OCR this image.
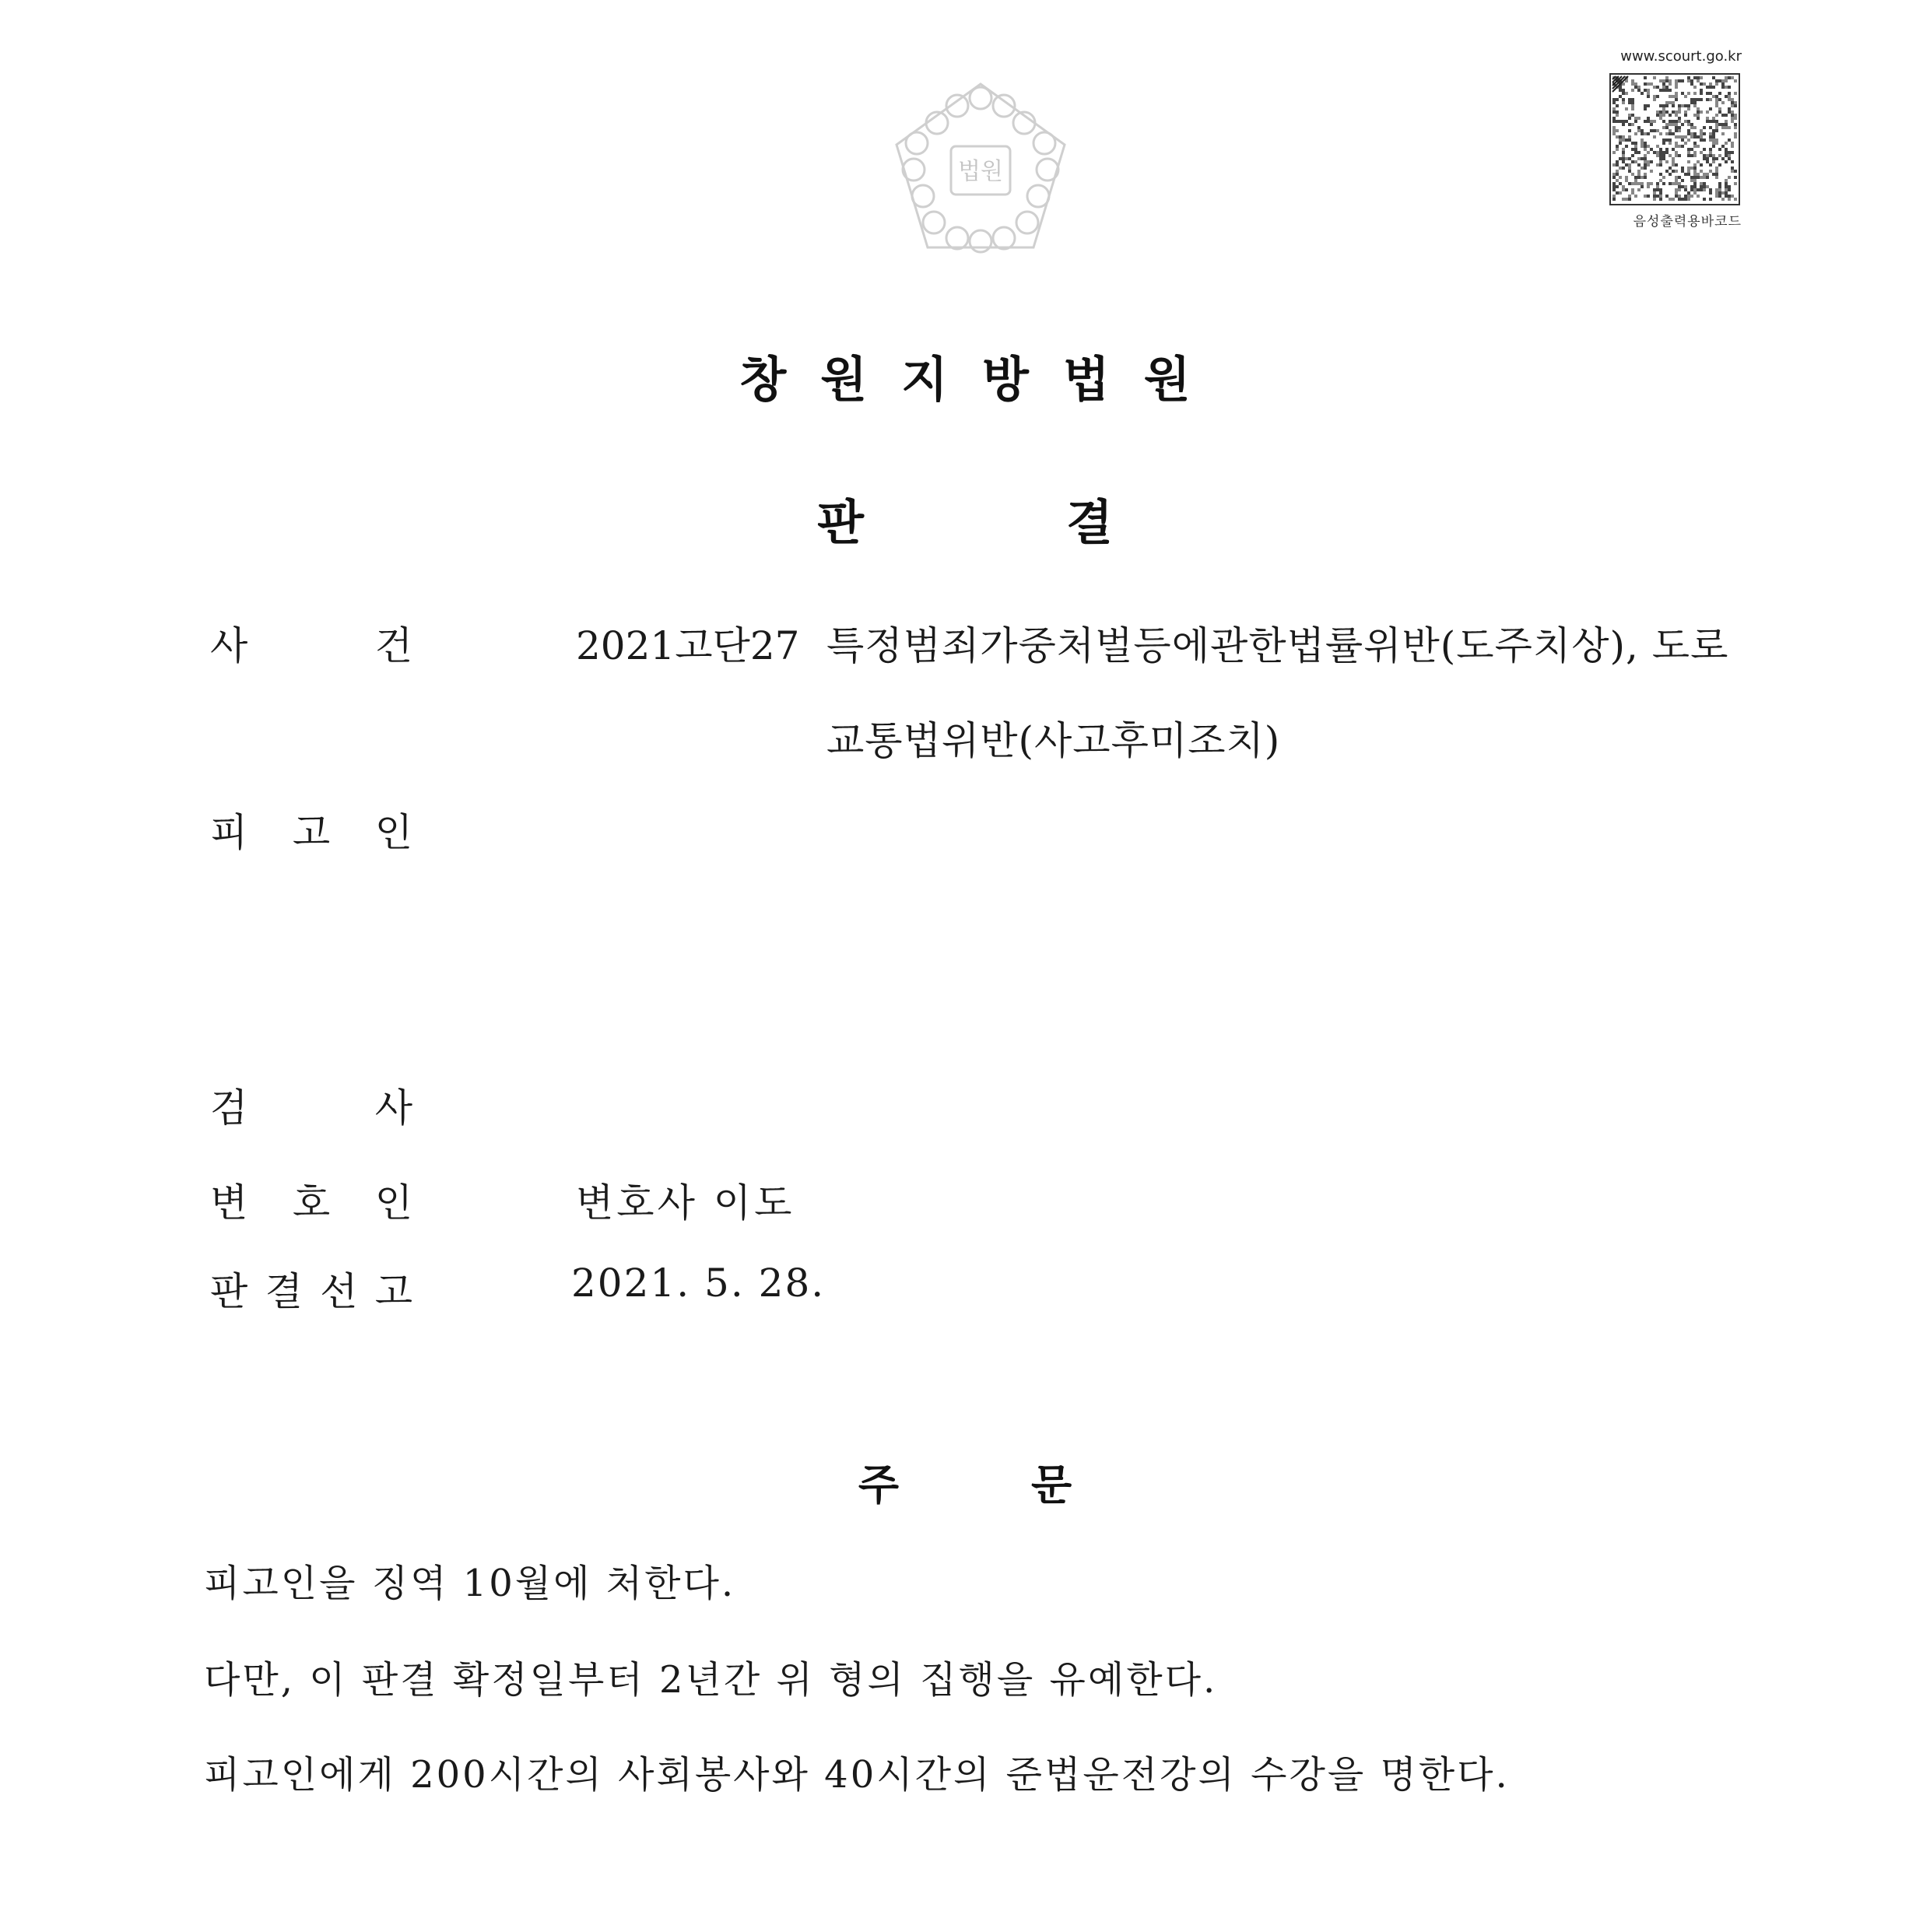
법원
www.scourt.go.kr
음성출력용바코드
창원지방법원
판	결
사	건	2021고단27 특정범죄가중처벌등에관한법률위반(도주치상), 도로
교통법위반(사고후미조치)
피 고 인
검	사
변 호 인	변호사 이도
판 결 선 고	2021. 5. 28.
주	문
피고인을 징역 10월에 처한다.
다만, 이 판결 확정일부터 2년간 위 형의 집행을 유예한다.
피고인에게 200시간의 사회봉사와 40시간의 준법운전강의 수강을 명한다.
